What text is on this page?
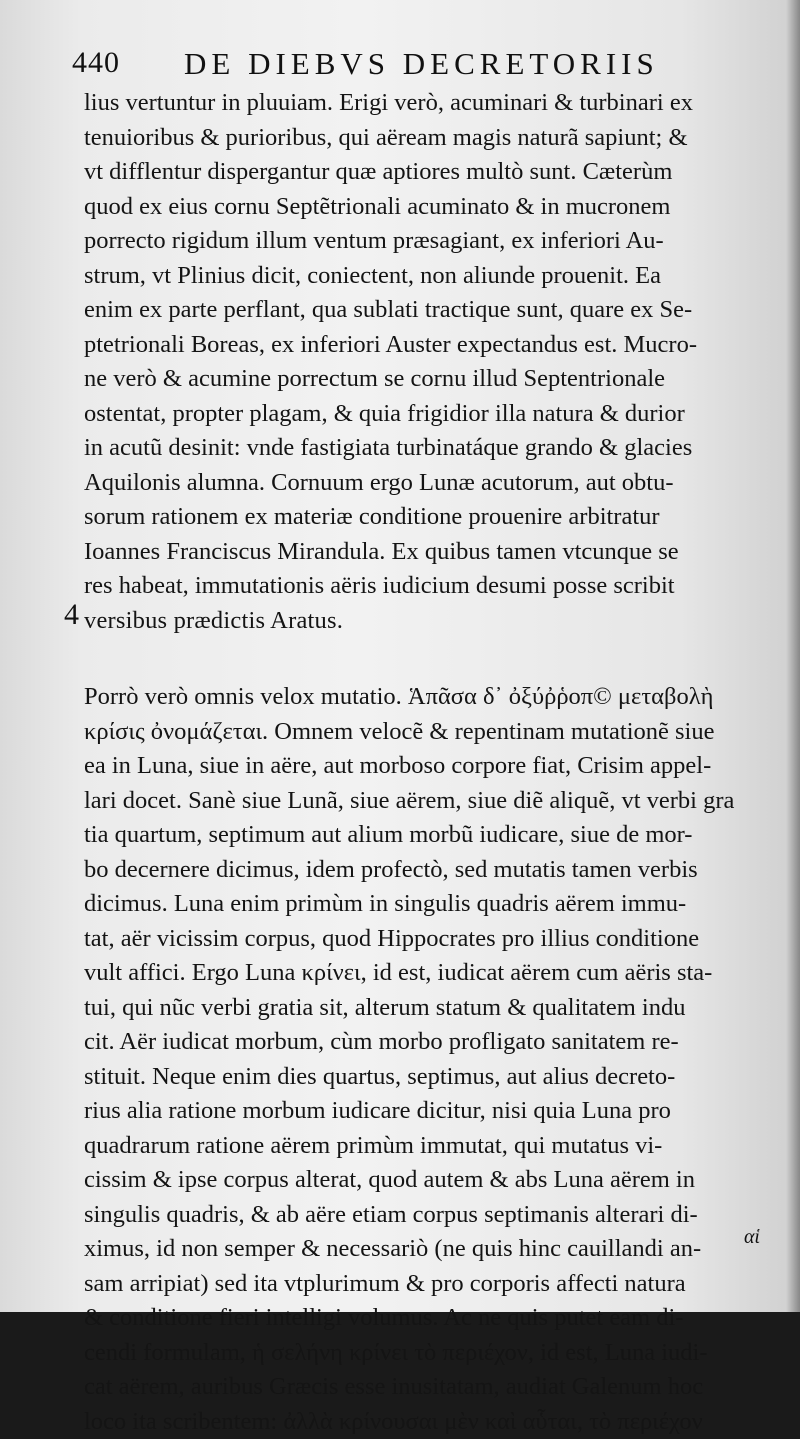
440 DE DIEBVS DECRETORIIS
4
lius vertuntur in pluuiam. Erigi verò, acuminari & turbinari ex
tenuioribus & purioribus, qui aëream magis naturã sapiunt; &
vt difflentur dispergantur quæ aptiores multò sunt. Cæterùm
quod ex eius cornu Septẽtrionali acuminato & in mucronem
porrecto rigidum illum ventum præsagiant, ex inferiori Au-
strum, vt Plinius dicit, coniectent, non aliunde prouenit. Ea
enim ex parte perflant, qua sublati tractique sunt, quare ex Se-
ptetrionali Boreas, ex inferiori Auster expectandus est. Mucro-
ne verò & acumine porrectum se cornu illud Septentrionale
ostentat, propter plagam, & quia frigidior illa natura & durior
in acutũ desinit: vnde fastigiata turbinatáque grando & glacies
Aquilonis alumna. Cornuum ergo Lunæ acutorum, aut obtu-
sorum rationem ex materiæ conditione prouenire arbitratur
Ioannes Franciscus Mirandula. Ex quibus tamen vtcunque se
res habeat, immutationis aëris iudicium desumi posse scribit
versibus prædictis Aratus.
Porrò verò omnis velox mutatio. Ἁπᾶσα δ᾽ ὀξύῤῥοπ© μεταβολὴ
κρίσις ὀνομάζεται. Omnem velocẽ & repentinam mutationẽ siue
ea in Luna, siue in aëre, aut morboso corpore fiat, Crisim appel-
lari docet. Sanè siue Lunã, siue aërem, siue diẽ aliquẽ, vt verbi gra
tia quartum, septimum aut alium morbũ iudicare, siue de mor-
bo decernere dicimus, idem profectò, sed mutatis tamen verbis
dicimus. Luna enim primùm in singulis quadris aërem immu-
tat, aër vicissim corpus, quod Hippocrates pro illius conditione
vult affici. Ergo Luna κρίνει, id est, iudicat aërem cum aëris sta-
tui, qui nũc verbi gratia sit, alterum statum & qualitatem indu
cit. Aër iudicat morbum, cùm morbo profligato sanitatem re-
stituit. Neque enim dies quartus, septimus, aut alius decreto-
rius alia ratione morbum iudicare dicitur, nisi quia Luna pro
quadrarum ratione aërem primùm immutat, qui mutatus vi-
cissim & ipse corpus alterat, quod autem & abs Luna aërem in
singulis quadris, & ab aëre etiam corpus septimanis alterari di-
ximus, id non semper & necessariò (ne quis hinc cauillandi an-
sam arripiat) sed ita vtplurimum & pro corporis affecti natura
& conditione fieri intelligi volumus. Ac ne quis putet eam di-
cendi formulam, ἡ σελήνη κρίνει τὸ περιέχον, id est, Luna iudi-
cat aërem, auribus Græcis esse inusitatam, audiat Galenum hoc
loco ita scribentem: ἀλλὰ κρίνουσαι μὲν καὶ αὗται, τὸ περιέχον
αἱ
